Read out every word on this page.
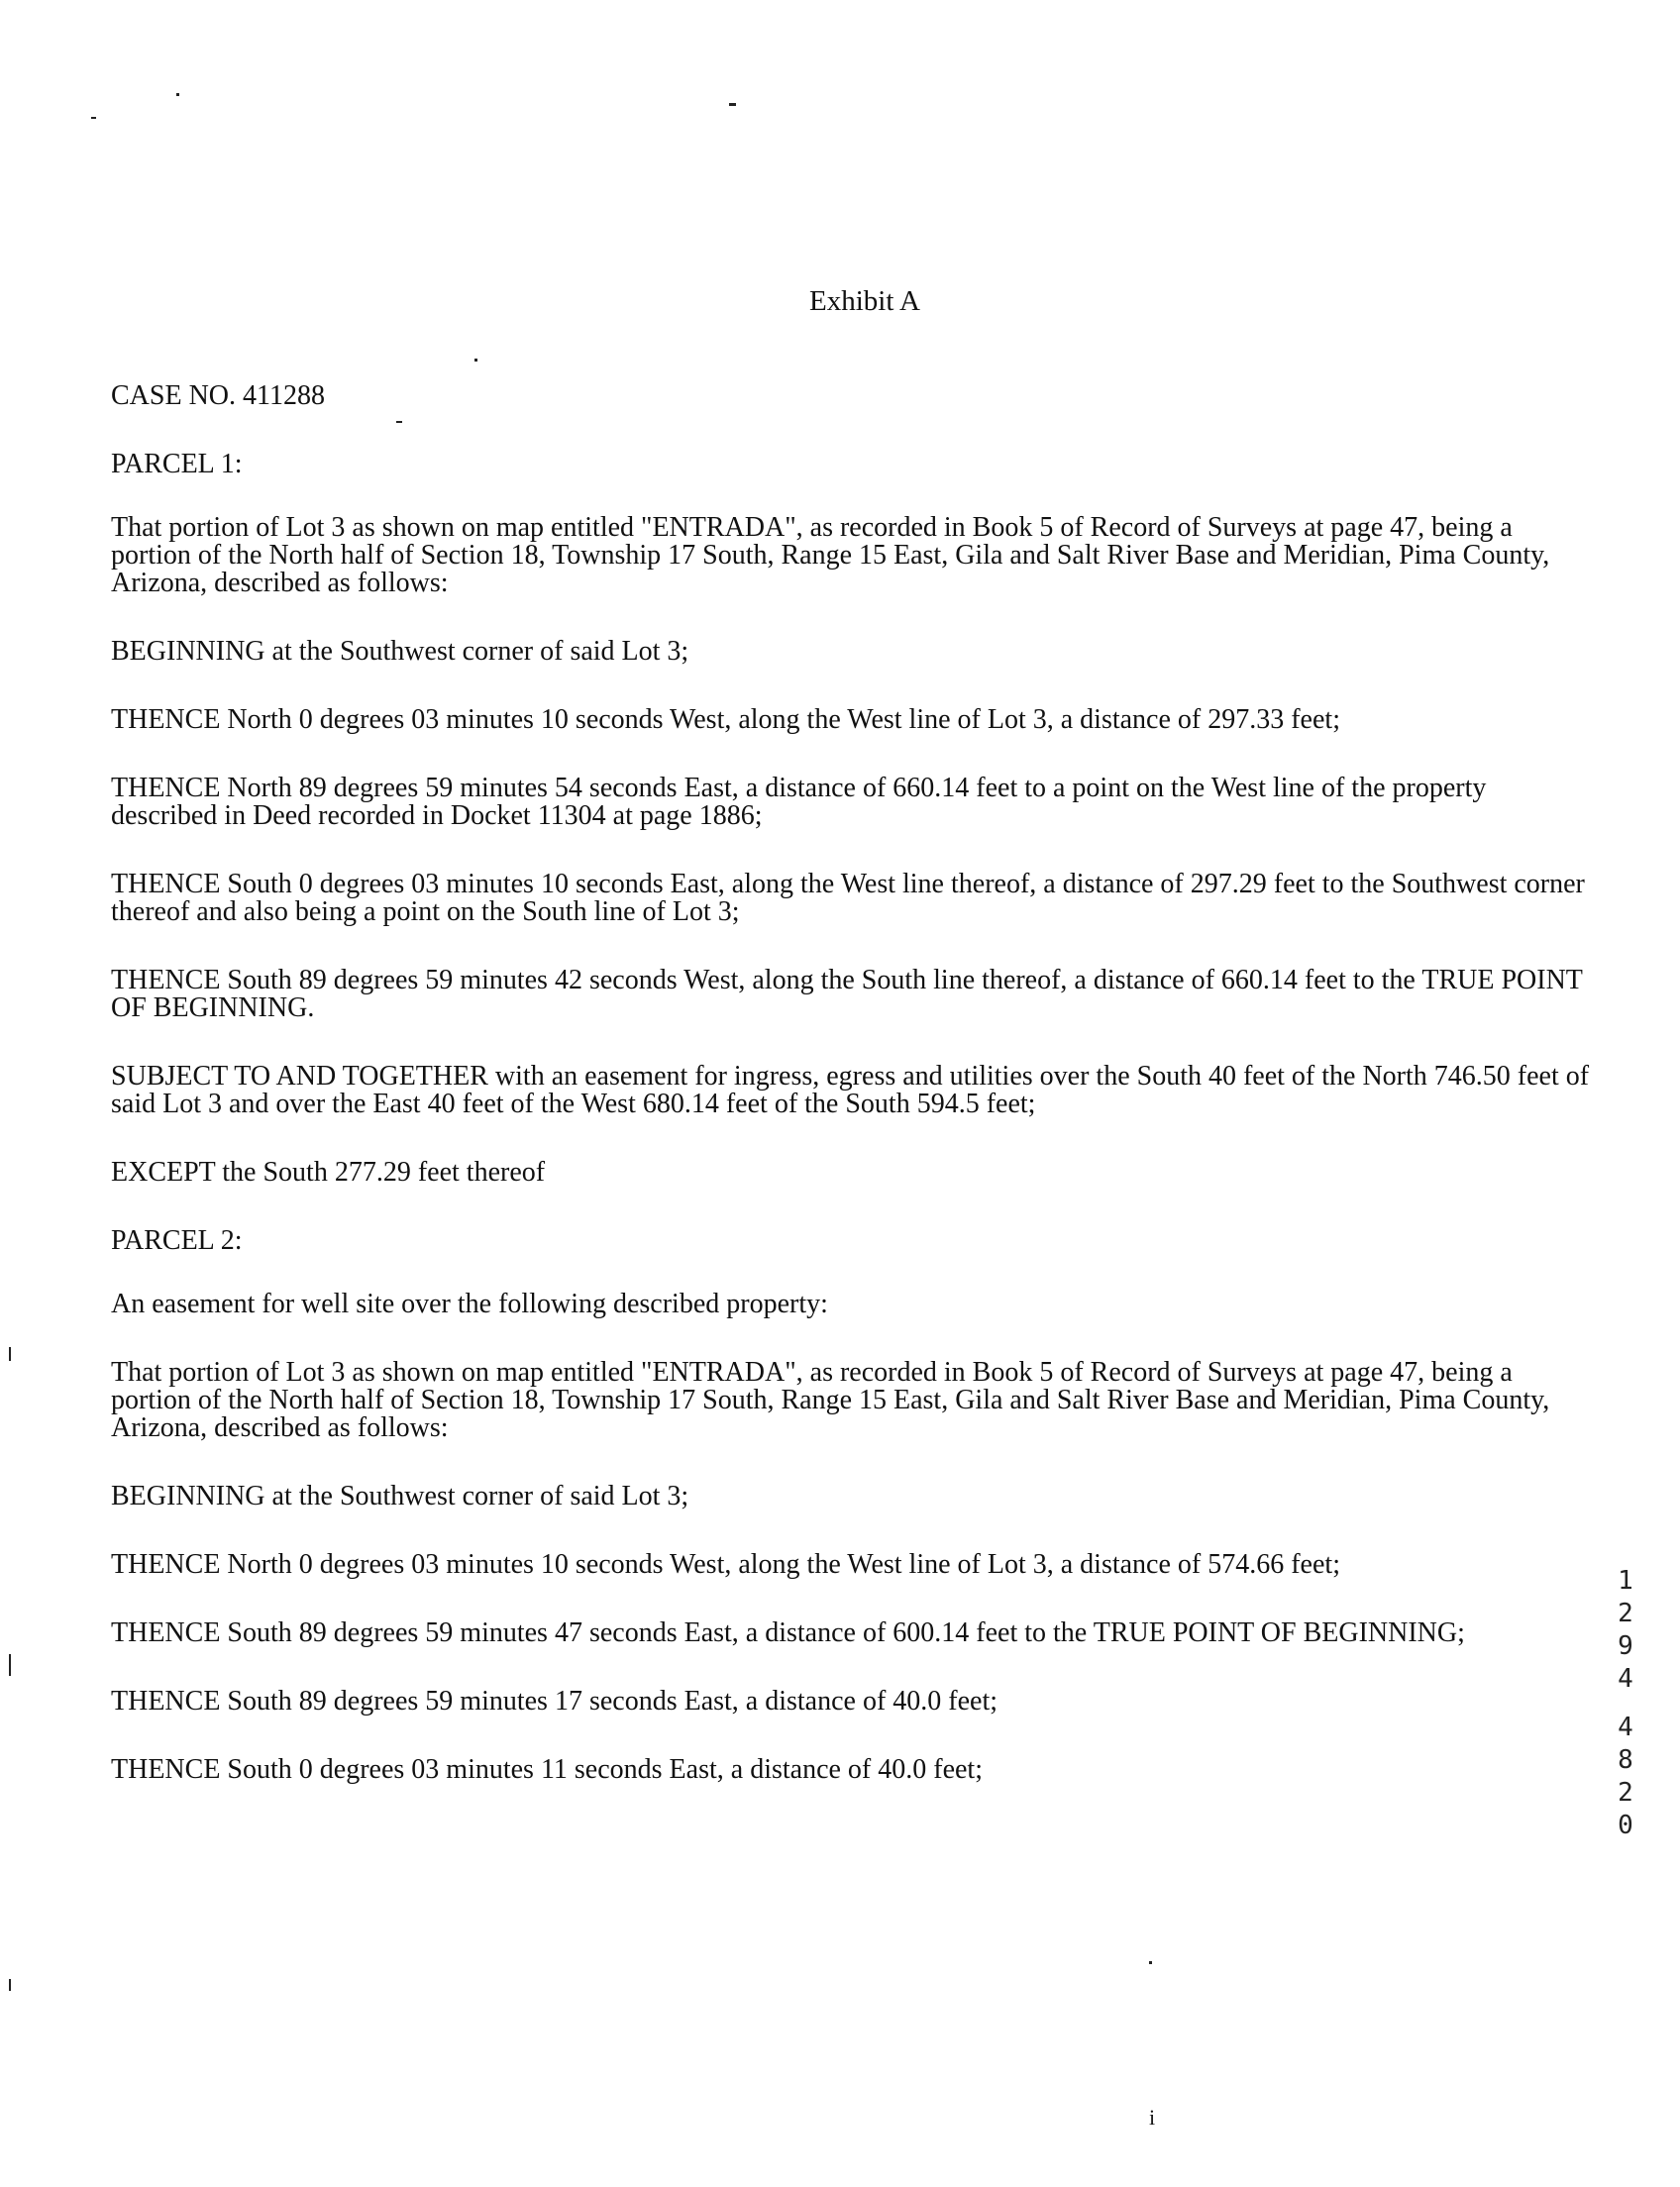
Exhibit A

CASE NO. 411288

PARCEL 1:

That portion of Lot 3 as shown on map entitled "ENTRADA", as recorded in Book 5 of Record of Surveys at page 47, being a portion of the North half of Section 18, Township 17 South, Range 15 East, Gila and Salt River Base and Meridian, Pima County, Arizona, described as follows:

BEGINNING at the Southwest corner of said Lot 3;

THENCE North 0 degrees 03 minutes 10 seconds West, along the West line of Lot 3, a distance of 297.33 feet;

THENCE North 89 degrees 59 minutes 54 seconds East, a distance of 660.14 feet to a point on the West line of the property described in Deed recorded in Docket 11304 at page 1886;

THENCE South 0 degrees 03 minutes 10 seconds East, along the West line thereof, a distance of 297.29 feet to the Southwest corner thereof and also being a point on the South line of Lot 3;

THENCE South 89 degrees 59 minutes 42 seconds West, along the South line thereof, a distance of 660.14 feet to the TRUE POINT OF BEGINNING.

SUBJECT TO AND TOGETHER with an easement for ingress, egress and utilities over the South 40 feet of the North 746.50 feet of said Lot 3 and over the East 40 feet of the West 680.14 feet of the South 594.5 feet;

EXCEPT the South 277.29 feet thereof

PARCEL 2:

An easement for well site over the following described property:

That portion of Lot 3 as shown on map entitled "ENTRADA", as recorded in Book 5 of Record of Surveys at page 47, being a portion of the North half of Section 18, Township 17 South, Range 15 East, Gila and Salt River Base and Meridian, Pima County, Arizona, described as follows:

BEGINNING at the Southwest corner of said Lot 3;

THENCE North 0 degrees 03 minutes 10 seconds West, along the West line of Lot 3, a distance of 574.66 feet;

THENCE South 89 degrees 59 minutes 47 seconds East, a distance of 600.14 feet to the TRUE POINT OF BEGINNING;

THENCE South 89 degrees 59 minutes 17 seconds East, a distance of 40.0 feet;

THENCE South 0 degrees 03 minutes 11 seconds East, a distance of 40.0 feet;

1
2
9
4
4
8
2
0
i
